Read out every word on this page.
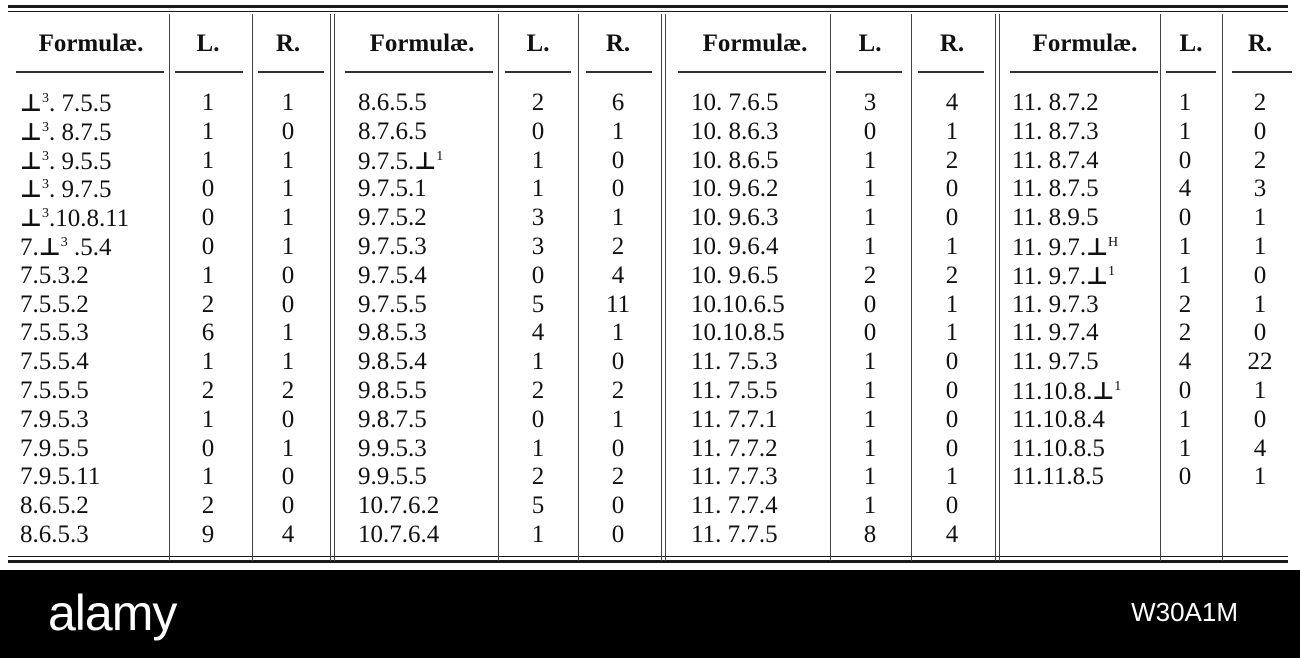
Formulæ.	L.	R.
⊥$^3$. 7.5.5	1	1
⊥$^3$. 8.7.5	1	0
⊥$^3$. 9.5.5	1	1
⊥$^3$. 9.7.5	0	1
⊥$^3$.10.8.11	0	1
7.⊥$^3$ .5.4	0	1
7.5.3.2	1	0
7.5.5.2	2	0
7.5.5.3	6	1
7.5.5.4	1	1
7.5.5.5	2	2
7.9.5.3	1	0
7.9.5.5	0	1
7.9.5.11	1	0
8.6.5.2	2	0
8.6.5.3	9	4
Formulæ.	L.	R.
8.6.5.5	2	6
8.7.6.5	0	1
9.7.5.⊥$^1$	1	0
9.7.5.1	1	0
9.7.5.2	3	1
9.7.5.3	3	2
9.7.5.4	0	4
9.7.5.5	5	11
9.8.5.3	4	1
9.8.5.4	1	0
9.8.5.5	2	2
9.8.7.5	0	1
9.9.5.3	1	0
9.9.5.5	2	2
10.7.6.2	5	0
10.7.6.4	1	0
Formulæ.	L.	R.
10. 7.6.5	3	4
10. 8.6.3	0	1
10. 8.6.5	1	2
10. 9.6.2	1	0
10. 9.6.3	1	0
10. 9.6.4	1	1
10. 9.6.5	2	2
10.10.6.5	0	1
10.10.8.5	0	1
11. 7.5.3	1	0
11. 7.5.5	1	0
11. 7.7.1	1	0
11. 7.7.2	1	0
11. 7.7.3	1	1
11. 7.7.4	1	0
11. 7.7.5	8	4
Formulæ.	L.	R.
11. 8.7.2	1	2
11. 8.7.3	1	0
11. 8.7.4	0	2
11. 8.7.5	4	3
11. 8.9.5	0	1
11. 9.7.⊥$^H$	1	1
11. 9.7.⊥$^1$	1	0
11. 9.7.3	2	1
11. 9.7.4	2	0
11. 9.7.5	4	22
11.10.8.⊥$^1$	0	1
11.10.8.4	1	0
11.10.8.5	1	4
11.11.8.5	0	1
alamy	W30A1M
